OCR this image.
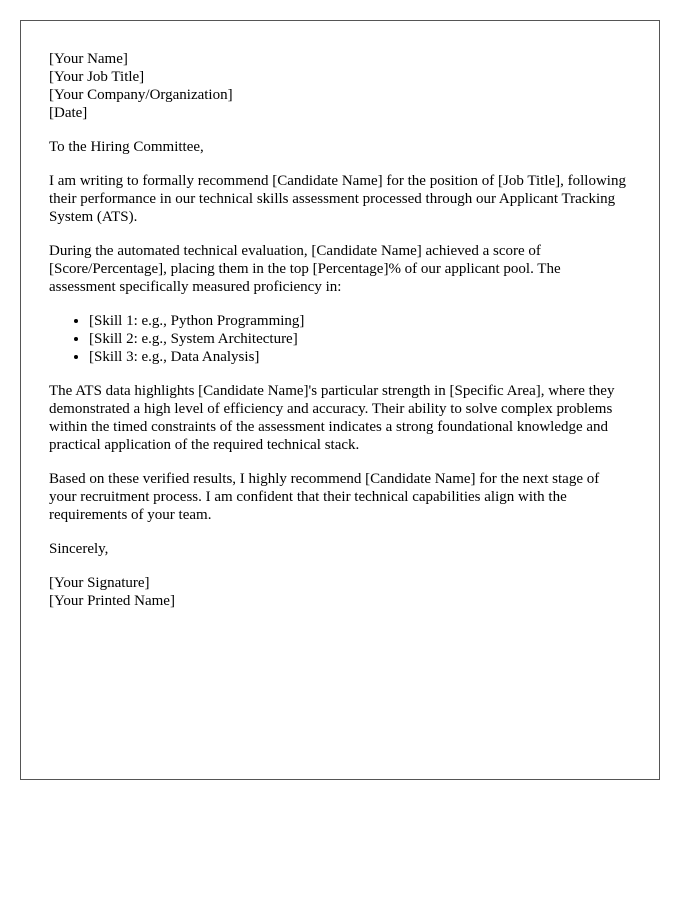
[Your Name]
[Your Job Title]
[Your Company/Organization]
[Date]

To the Hiring Committee,

I am writing to formally recommend [Candidate Name] for the position of [Job Title], following their performance in our technical skills assessment processed through our Applicant Tracking System (ATS).

During the automated technical evaluation, [Candidate Name] achieved a score of [Score/Percentage], placing them in the top [Percentage]% of our applicant pool. The assessment specifically measured proficiency in:

• [Skill 1: e.g., Python Programming]
• [Skill 2: e.g., System Architecture]
• [Skill 3: e.g., Data Analysis]

The ATS data highlights [Candidate Name]'s particular strength in [Specific Area], where they demonstrated a high level of efficiency and accuracy. Their ability to solve complex problems within the timed constraints of the assessment indicates a strong foundational knowledge and practical application of the required technical stack.

Based on these verified results, I highly recommend [Candidate Name] for the next stage of your recruitment process. I am confident that their technical capabilities align with the requirements of your team.

Sincerely,

[Your Signature]
[Your Printed Name]
